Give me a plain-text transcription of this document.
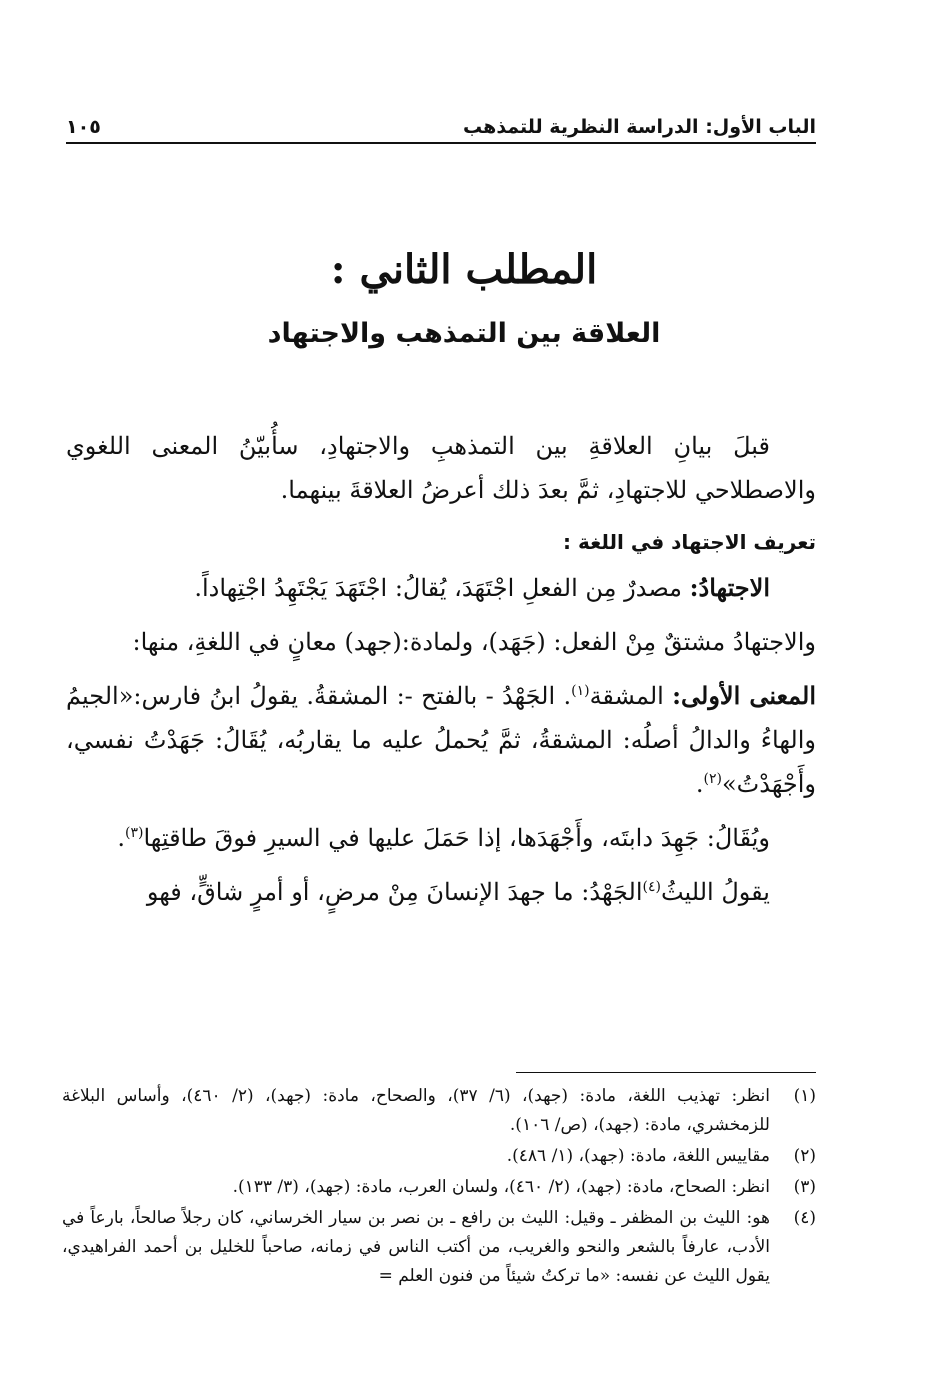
الباب الأول: الدراسة النظرية للتمذهب
١٠٥
المطلب الثاني :
العلاقة بين التمذهب والاجتهاد

قبلَ بيانِ العلاقةِ بين التمذهبِ والاجتهادِ، سأُبيّنُ المعنى اللغوي والاصطلاحي للاجتهادِ، ثمَّ بعدَ ذلك أعرضُ العلاقةَ بينهما.

تعريف الاجتهاد في اللغة :

الاجتهادُ: مصدرٌ مِن الفعلِ اجْتَهَدَ، يُقالُ: اجْتَهَدَ يَجْتَهِدُ اجْتِهاداً.

والاجتهادُ مشتقٌ مِنْ الفعل: (جَهَد)، ولمادة:(جهد) معانٍ في اللغةِ، منها:

المعنى الأولى: المشقة$^{(١)}$. الجَهْدُ - بالفتح -: المشقةُ. يقولُ ابنُ فارس:«الجيمُ والهاءُ والدالُ أصلُه: المشقةُ، ثمَّ يُحملُ عليه ما يقاربُه، يُقَالُ: جَهَدْتُ نفسي، وأَجْهَدْتُ»$^{(٢)}$.

ويُقَالُ: جَهِدَ دابتَه، وأَجْهَدَها، إذا حَمَلَ عليها في السيرِ فوقَ طاقتِها$^{(٣)}$.

يقولُ الليثُ$^{(٤)}$الجَهْدُ: ما جهدَ الإنسانَ مِنْ مرضٍ، أو أمرٍ شاقٍّ، فهو

(١)
انظر: تهذيب اللغة، مادة: (جهد)، (٦/ ٣٧)، والصحاح، مادة: (جهد)، (٢/ ٤٦٠)، وأساس البلاغة للزمخشري، مادة: (جهد)، (ص/ ١٠٦).
(٢)
مقاييس اللغة، مادة: (جهد)، (١/ ٤٨٦).
(٣)
انظر: الصحاح، مادة: (جهد)، (٢/ ٤٦٠)، ولسان العرب، مادة: (جهد)، (٣/ ١٣٣).
(٤)
هو: الليث بن المظفر ـ وقيل: الليث بن رافع ـ بن نصر بن سيار الخرساني، كان رجلاً صالحاً، بارعاً في الأدب، عارفاً بالشعر والنحو والغريب، من أكتب الناس في زمانه، صاحباً للخليل بن أحمد الفراهيدي، يقول الليث عن نفسه: «ما تركتُ شيئاً من فنون العلم =
